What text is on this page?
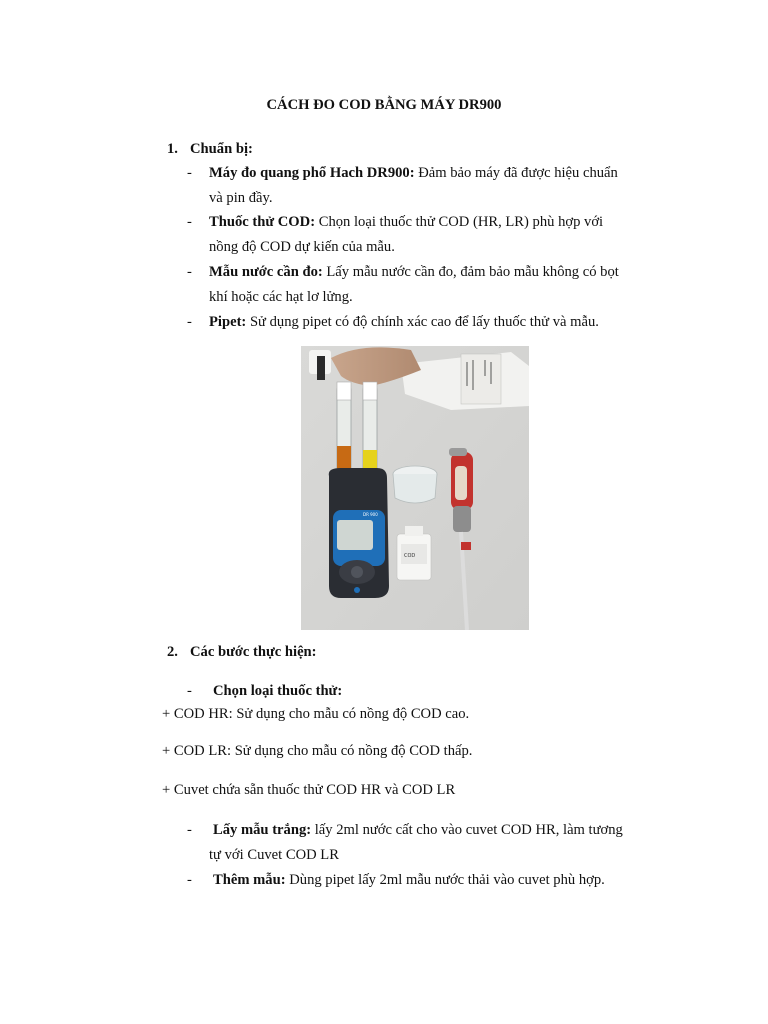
CÁCH ĐO COD BẰNG MÁY DR900
1. Chuẩn bị:
- Máy đo quang phổ Hach DR900: Đảm bảo máy đã được hiệu chuẩn
và pin đầy.
- Thuốc thử COD: Chọn loại thuốc thử COD (HR, LR) phù hợp với
nồng độ COD dự kiến của mẫu.
- Mẫu nước cần đo: Lấy mẫu nước cần đo, đảm bảo mẫu không có bọt
khí hoặc các hạt lơ lửng.
- Pipet: Sử dụng pipet có độ chính xác cao để lấy thuốc thử và mẫu.
DR 900
COD
2. Các bước thực hiện:
- Chọn loại thuốc thử:
+ COD HR: Sử dụng cho mẫu có nồng độ COD cao.
+ COD LR: Sử dụng cho mẫu có nồng độ COD thấp.
+ Cuvet chứa sẵn thuốc thử COD HR và COD LR
- Lấy mẫu trắng: lấy 2ml nước cất cho vào cuvet COD HR, làm tương
tự với Cuvet COD LR
- Thêm mẫu: Dùng pipet lấy 2ml mẫu nước thải vào cuvet phù hợp.
